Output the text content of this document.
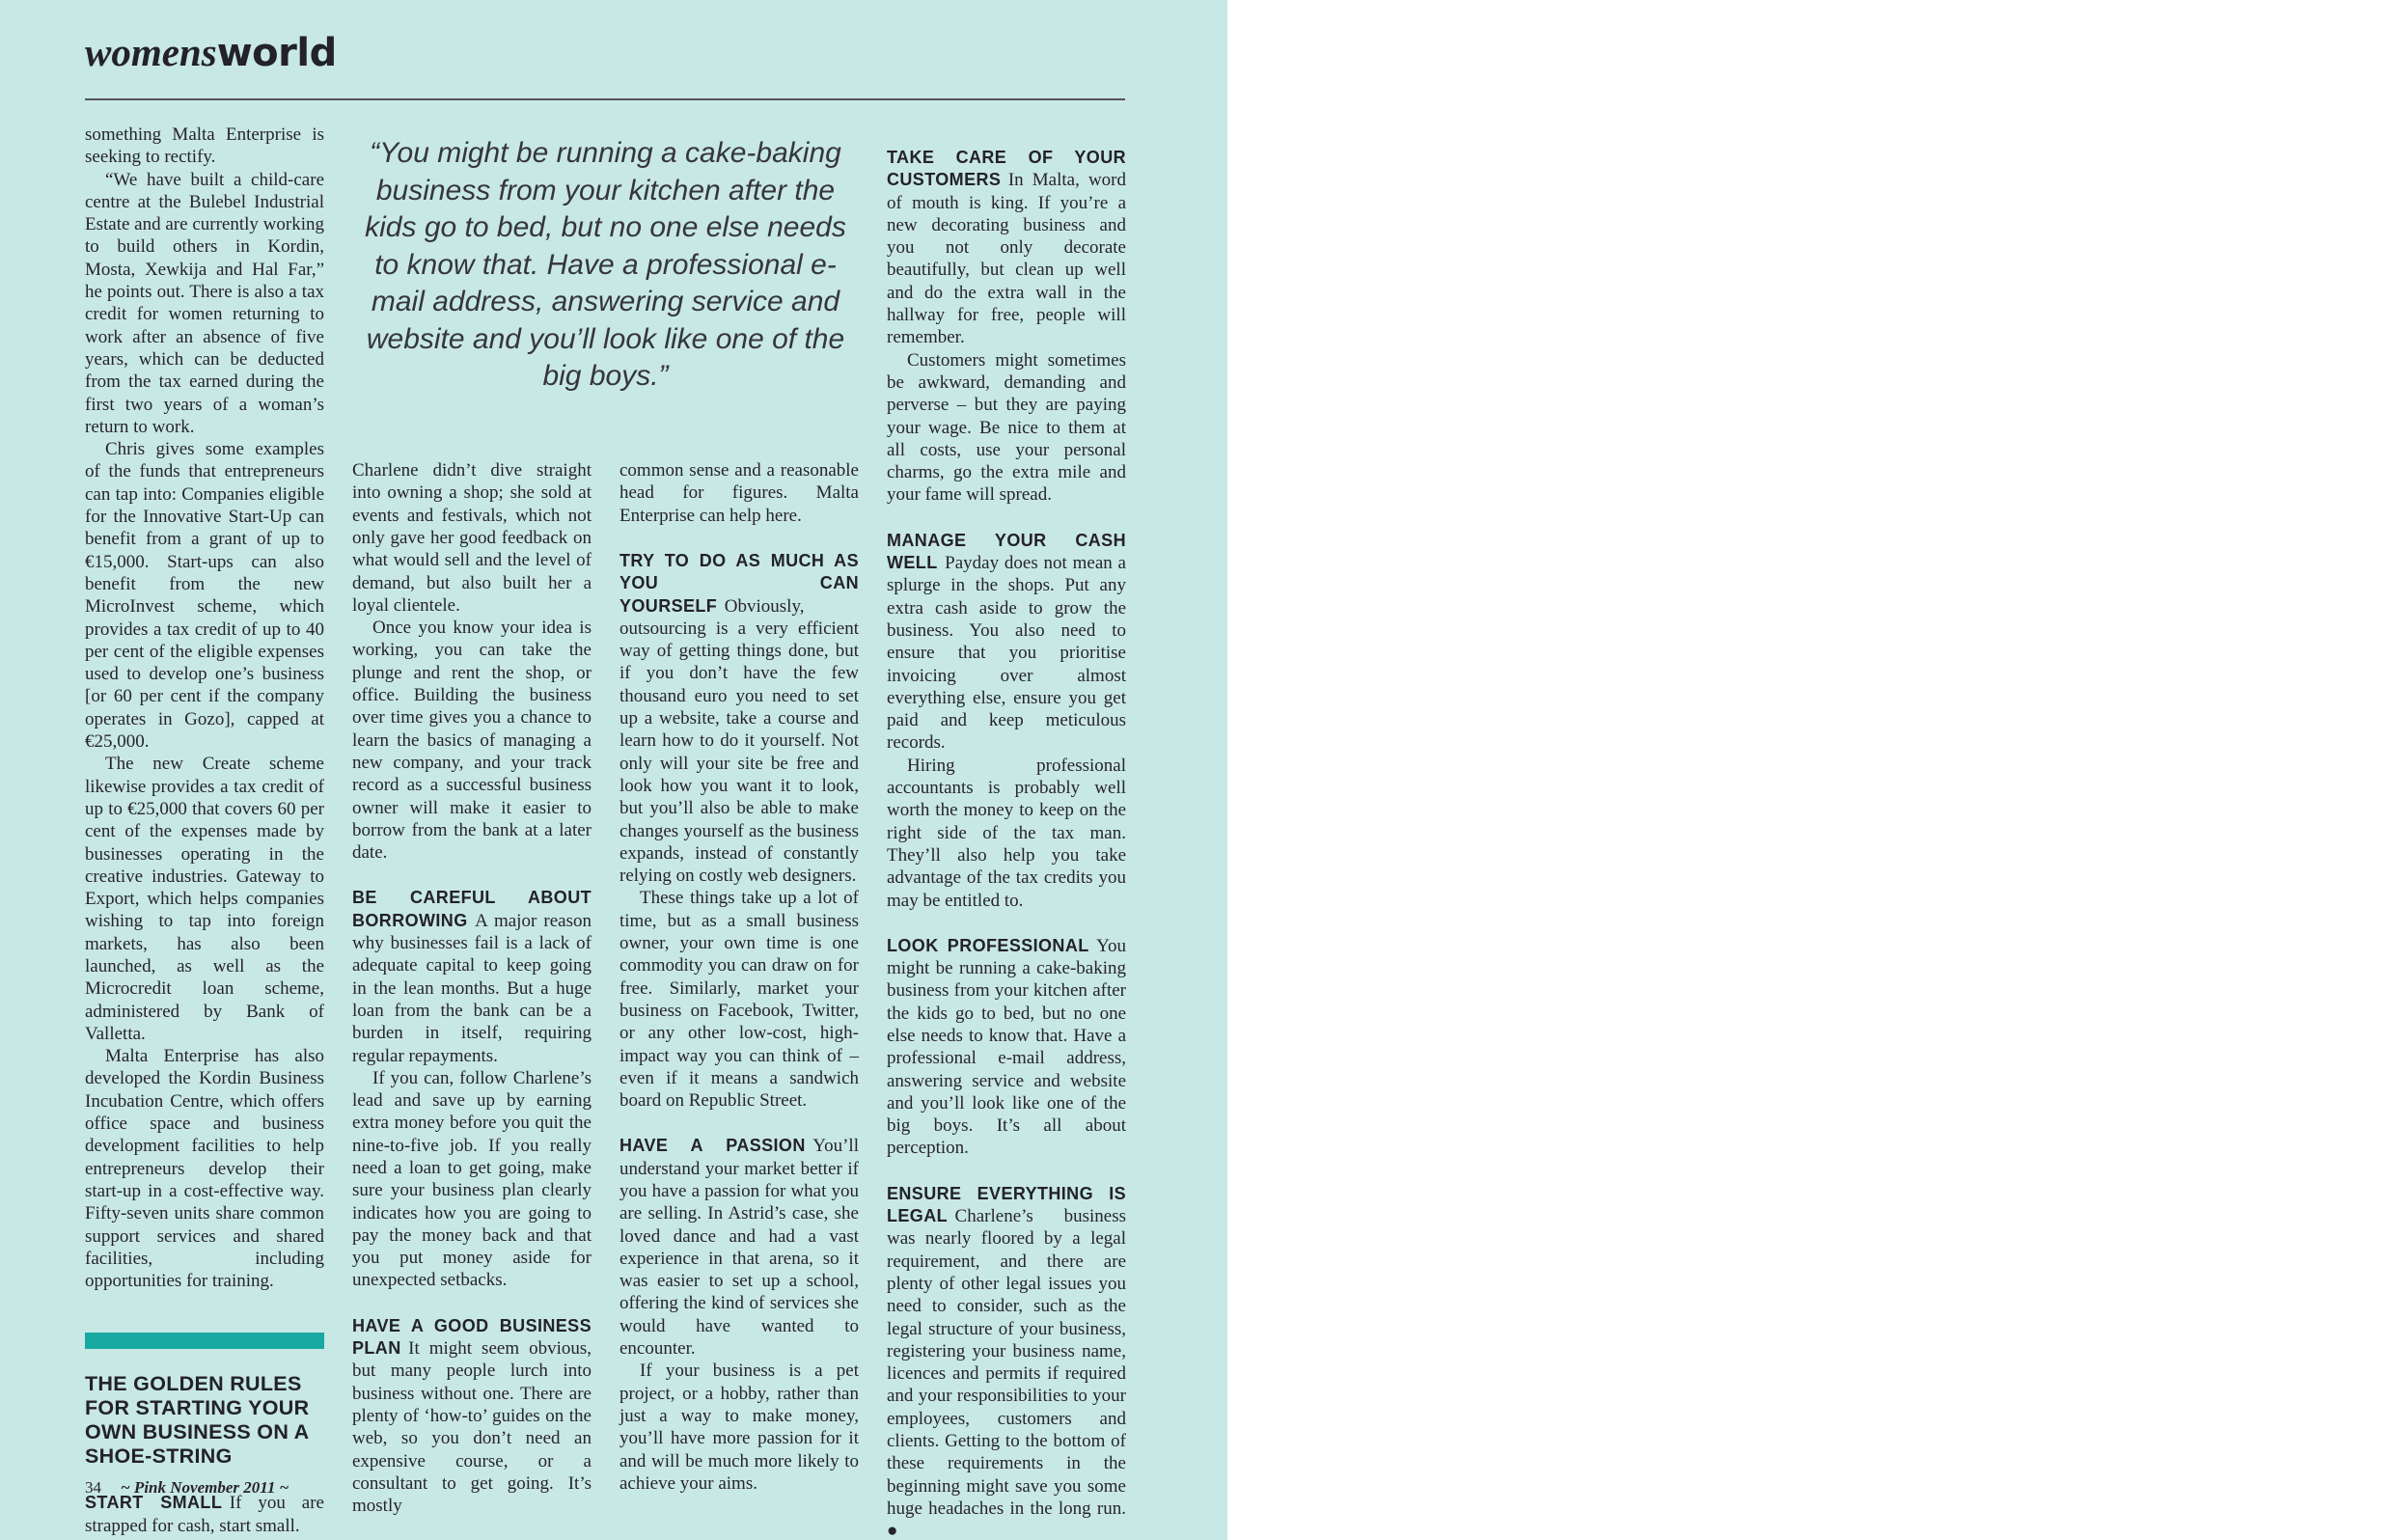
womensworld

something Malta Enterprise is seeking to rectify.

“We have built a child-care centre at the Bulebel Industrial Estate and are currently working to build others in Kordin, Mosta, Xewkija and Hal Far,” he points out. There is also a tax credit for women returning to work after an absence of five years, which can be deducted from the tax earned during the first two years of a woman’s return to work.

Chris gives some examples of the funds that entrepreneurs can tap into: Companies eligible for the Innovative Start-Up can benefit from a grant of up to €15,000. Start-ups can also benefit from the new MicroInvest scheme, which provides a tax credit of up to 40 per cent of the eligible expenses used to develop one’s business [or 60 per cent if the company operates in Gozo], capped at €25,000.

The new Create scheme likewise provides a tax credit of up to €25,000 that covers 60 per cent of the expenses made by businesses operating in the creative industries. Gateway to Export, which helps companies wishing to tap into foreign markets, has also been launched, as well as the Microcredit loan scheme, administered by Bank of Valletta.

Malta Enterprise has also developed the Kordin Business Incubation Centre, which offers office space and business development facilities to help entrepreneurs develop their start-up in a cost-effective way. Fifty-seven units share common support services and shared facilities, including opportunities for training.

THE GOLDEN RULES FOR STARTING YOUR OWN BUSINESS ON A SHOE-STRING

START SMALL If you are strapped for cash, start small.

“You might be running a cake-baking business from your kitchen after the kids go to bed, but no one else needs to know that. Have a professional e-mail address, answering service and website and you’ll look like one of the big boys.”

Charlene didn’t dive straight into owning a shop; she sold at events and festivals, which not only gave her good feedback on what would sell and the level of demand, but also built her a loyal clientele.

Once you know your idea is working, you can take the plunge and rent the shop, or office. Building the business over time gives you a chance to learn the basics of managing a new company, and your track record as a successful business owner will make it easier to borrow from the bank at a later date.

BE CAREFUL ABOUT BORROWING A major reason why businesses fail is a lack of adequate capital to keep going in the lean months. But a huge loan from the bank can be a burden in itself, requiring regular repayments.

If you can, follow Charlene’s lead and save up by earning extra money before you quit the nine-to-five job. If you really need a loan to get going, make sure your business plan clearly indicates how you are going to pay the money back and that you put money aside for unexpected setbacks.

HAVE A GOOD BUSINESS PLAN It might seem obvious, but many people lurch into business without one. There are plenty of ‘how-to’ guides on the web, so you don’t need an expensive course, or a consultant to get going. It’s mostly

common sense and a reasonable head for figures. Malta Enterprise can help here.

TRY TO DO AS MUCH AS YOU CAN YOURSELF Obviously, outsourcing is a very efficient way of getting things done, but if you don’t have the few thousand euro you need to set up a website, take a course and learn how to do it yourself. Not only will your site be free and look how you want it to look, but you’ll also be able to make changes yourself as the business expands, instead of constantly relying on costly web designers.

These things take up a lot of time, but as a small business owner, your own time is one commodity you can draw on for free. Similarly, market your business on Facebook, Twitter, or any other low-cost, high-impact way you can think of – even if it means a sandwich board on Republic Street.

HAVE A PASSION You’ll understand your market better if you have a passion for what you are selling. In Astrid’s case, she loved dance and had a vast experience in that arena, so it was easier to set up a school, offering the kind of services she would have wanted to encounter.

If your business is a pet project, or a hobby, rather than just a way to make money, you’ll have more passion for it and will be much more likely to achieve your aims.

TAKE CARE OF YOUR CUSTOMERS In Malta, word of mouth is king. If you’re a new decorating business and you not only decorate beautifully, but clean up well and do the extra wall in the hallway for free, people will remember.

Customers might sometimes be awkward, demanding and perverse – but they are paying your wage. Be nice to them at all costs, use your personal charms, go the extra mile and your fame will spread.

MANAGE YOUR CASH WELL Payday does not mean a splurge in the shops. Put any extra cash aside to grow the business. You also need to ensure that you prioritise invoicing over almost everything else, ensure you get paid and keep meticulous records.

Hiring professional accountants is probably well worth the money to keep on the right side of the tax man. They’ll also help you take advantage of the tax credits you may be entitled to.

LOOK PROFESSIONAL You might be running a cake-baking business from your kitchen after the kids go to bed, but no one else needs to know that. Have a professional e-mail address, answering service and website and you’ll look like one of the big boys. It’s all about perception.

ENSURE EVERYTHING IS LEGAL Charlene’s business was nearly floored by a legal requirement, and there are plenty of other legal issues you need to consider, such as the legal structure of your business, registering your business name, licences and permits if required and your responsibilities to your employees, customers and clients. Getting to the bottom of these requirements in the beginning might save you some huge headaches in the long run. ●

34 ~ Pink November 2011 ~
